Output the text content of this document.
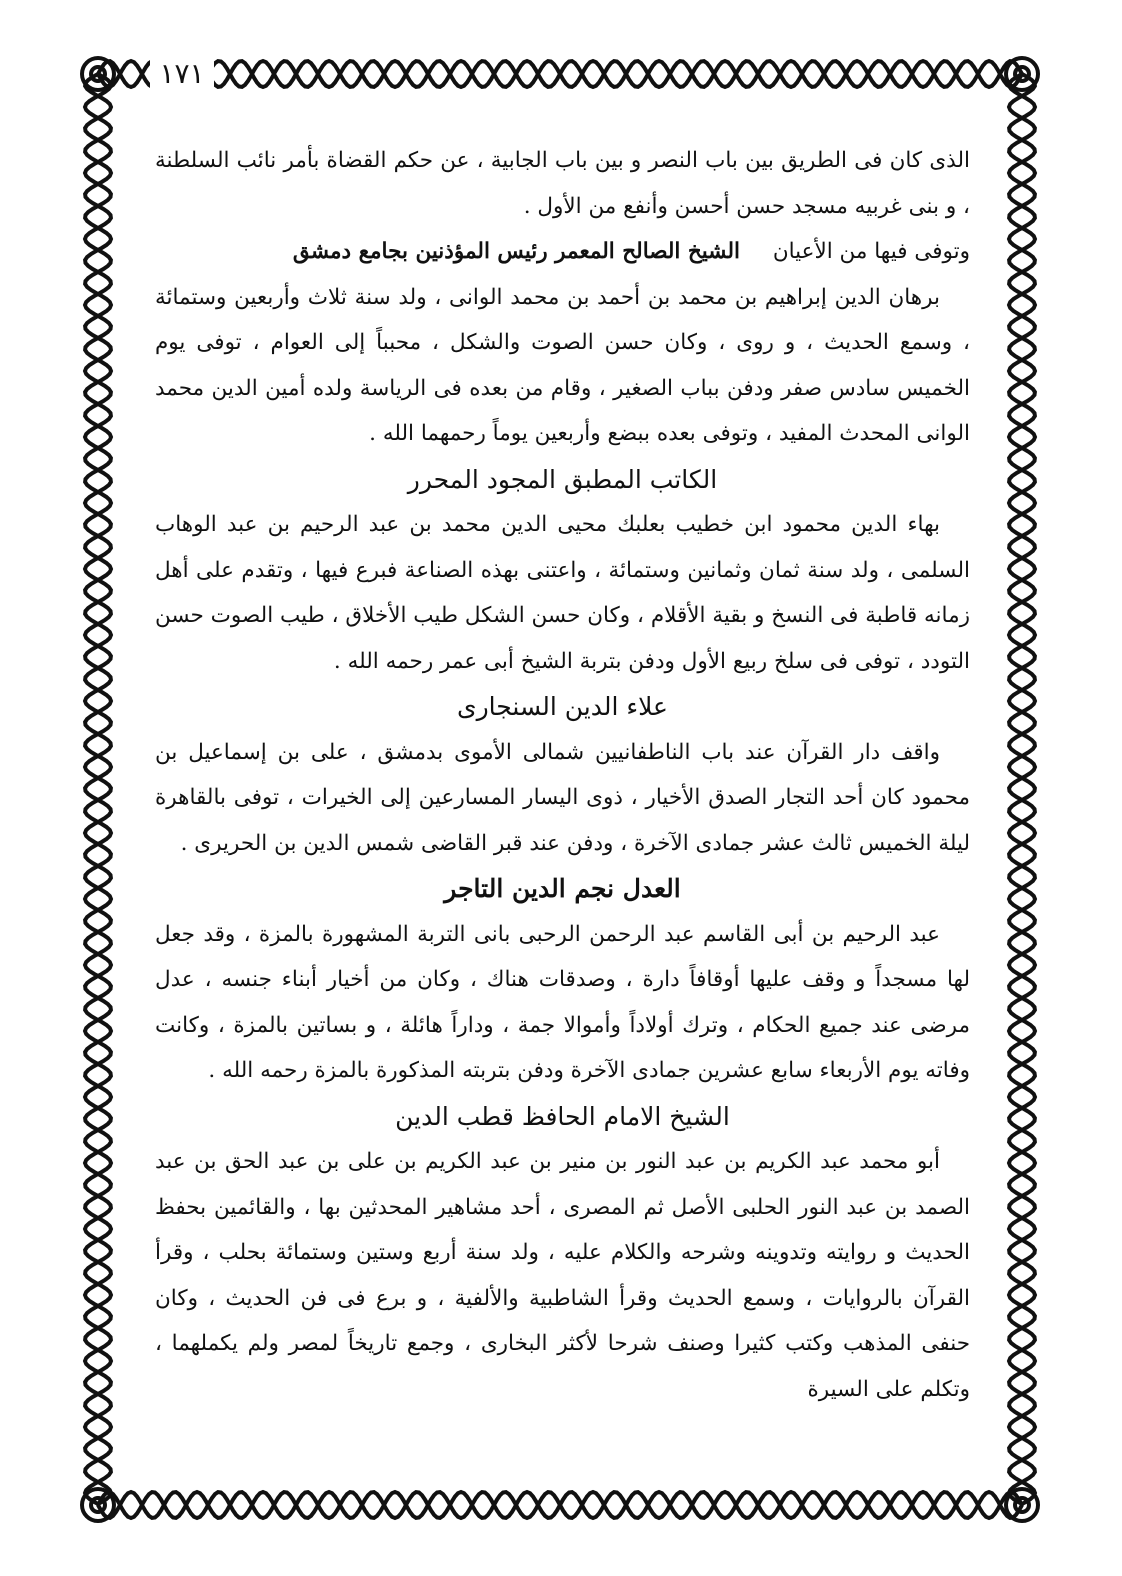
١٧١

الذى كان فى الطريق بين باب النصر و بين باب الجابية ، عن حكم القضاة بأمر نائب السلطنة ، و بنى غربيه مسجد حسن أحسن وأنفع من الأول .

وتوفى فيها من الأعيان الشيخ الصالح المعمر رئيس المؤذنين بجامع دمشق

برهان الدين إبراهيم بن محمد بن أحمد بن محمد الوانى ، ولد سنة ثلاث وأربعين وستمائة ، وسمع الحديث ، و روى ، وكان حسن الصوت والشكل ، محبباً إلى العوام ، توفى يوم الخميس سادس صفر ودفن بباب الصغير ، وقام من بعده فى الرياسة ولده أمين الدين محمد الوانى المحدث المفيد ، وتوفى بعده ببضع وأربعين يوماً رحمهما الله .

الكاتب المطبق المجود المحرر

بهاء الدين محمود ابن خطيب بعلبك محيى الدين محمد بن عبد الرحيم بن عبد الوهاب السلمى ، ولد سنة ثمان وثمانين وستمائة ، واعتنى بهذه الصناعة فبرع فيها ، وتقدم على أهل زمانه قاطبة فى النسخ و بقية الأقلام ، وكان حسن الشكل طيب الأخلاق ، طيب الصوت حسن التودد ، توفى فى سلخ ربيع الأول ودفن بتربة الشيخ أبى عمر رحمه الله .

علاء الدين السنجارى

واقف دار القرآن عند باب الناطفانيين شمالى الأموى بدمشق ، على بن إسماعيل بن محمود كان أحد التجار الصدق الأخيار ، ذوى اليسار المسارعين إلى الخيرات ، توفى بالقاهرة ليلة الخميس ثالث عشر جمادى الآخرة ، ودفن عند قبر القاضى شمس الدين بن الحريرى .

العدل نجم الدين التاجر

عبد الرحيم بن أبى القاسم عبد الرحمن الرحبى بانى التربة المشهورة بالمزة ، وقد جعل لها مسجداً و وقف عليها أوقافاً دارة ، وصدقات هناك ، وكان من أخيار أبناء جنسه ، عدل مرضى عند جميع الحكام ، وترك أولاداً وأموالا جمة ، وداراً هائلة ، و بساتين بالمزة ، وكانت وفاته يوم الأربعاء سابع عشرين جمادى الآخرة ودفن بتربته المذكورة بالمزة رحمه الله .

الشيخ الامام الحافظ قطب الدين

أبو محمد عبد الكريم بن عبد النور بن منير بن عبد الكريم بن على بن عبد الحق بن عبد الصمد بن عبد النور الحلبى الأصل ثم المصرى ، أحد مشاهير المحدثين بها ، والقائمين بحفظ الحديث و روايته وتدوينه وشرحه والكلام عليه ، ولد سنة أربع وستين وستمائة بحلب ، وقرأ القرآن بالروايات ، وسمع الحديث وقرأ الشاطبية والألفية ، و برع فى فن الحديث ، وكان حنفى المذهب وكتب كثيرا وصنف شرحا لأكثر البخارى ، وجمع تاريخاً لمصر ولم يكملهما ، وتكلم على السيرة
